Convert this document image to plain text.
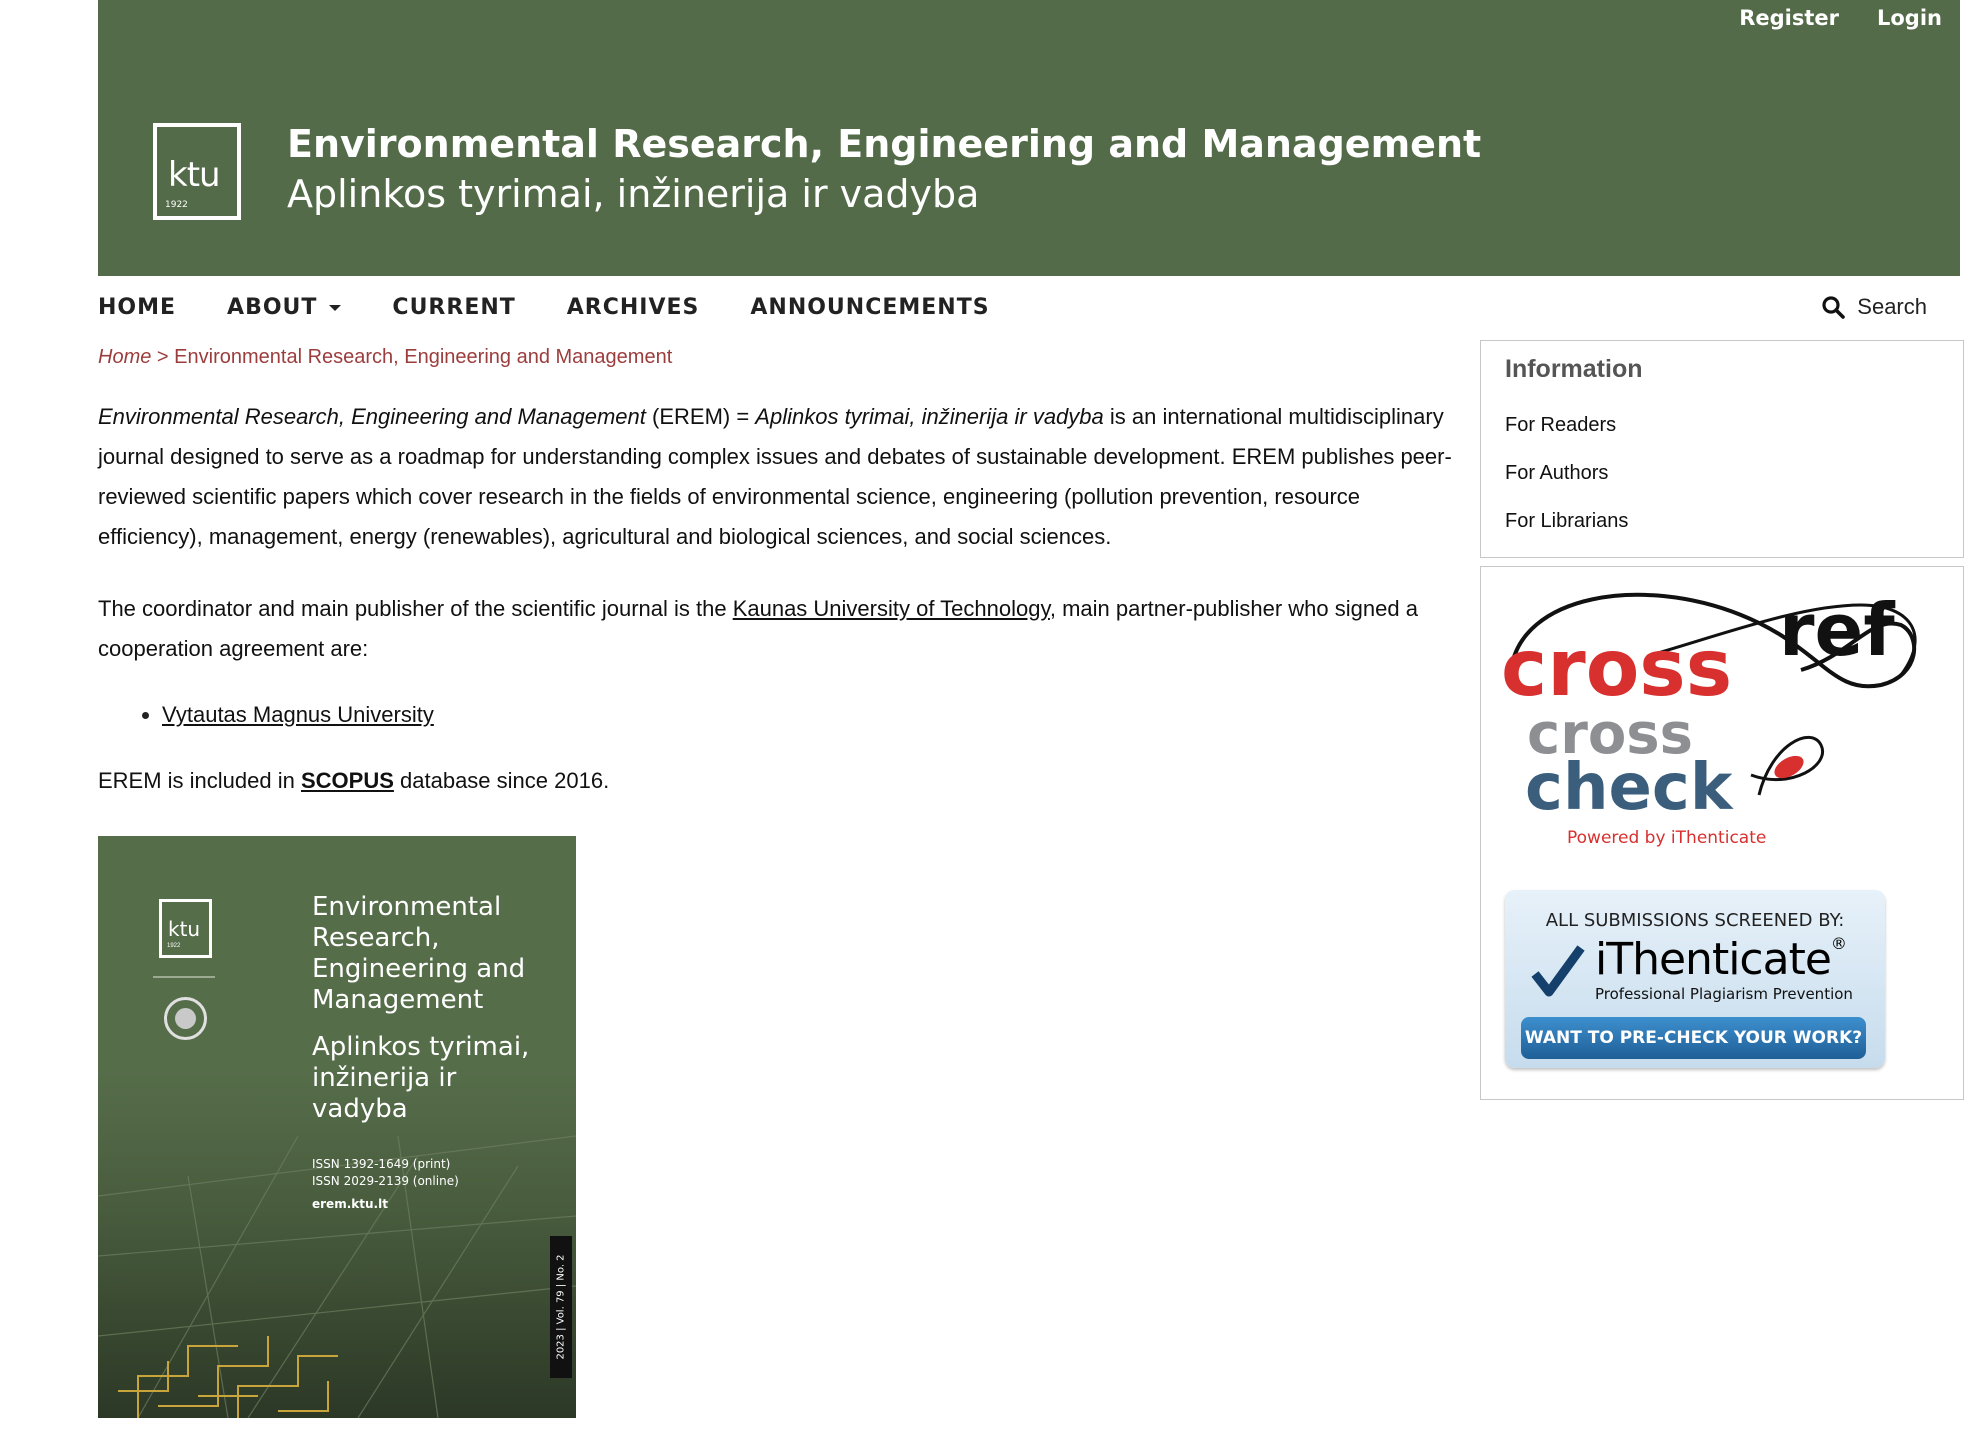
Register Login
ktu
1922
Environmental Research, Engineering and Management
Aplinkos tyrimai, inžinerija ir vadyba
HOME ABOUT	CURRENT ARCHIVES ANNOUNCEMENTS	Search
Home > Environmental Research, Engineering and Management
Environmental Research, Engineering and Management (EREM) = Aplinkos tyrimai, inžinerija ir vadyba is an international multidisciplinary journal designed to serve as a roadmap for understanding complex issues and debates of sustainable development. EREM publishes peer-reviewed scientific papers which cover research in the fields of environmental science, engineering (pollution prevention, resource efficiency), management, energy (renewables), agricultural and biological sciences, and social sciences.
The coordinator and main publisher of the scientific journal is the Kaunas University of Technology, main partner-publisher who signed a cooperation agreement are:
• Vytautas Magnus University
EREM is included in SCOPUS database since 2016.
ktu
1922
Environmental
Research,
Engineering and
Management
Aplinkos tyrimai,
inžinerija ir
vadyba
ISSN 1392-1649 (print)
ISSN 2029-2139 (online)
erem.ktu.lt
2023 | Vol. 79 | No. 2
Information
For Readers
For Authors
For Librarians
cross ref
cross
check
Powered by iThenticate
ALL SUBMISSIONS SCREENED BY:
iThenticate®
Professional Plagiarism Prevention
WANT TO PRE-CHECK YOUR WORK? »
